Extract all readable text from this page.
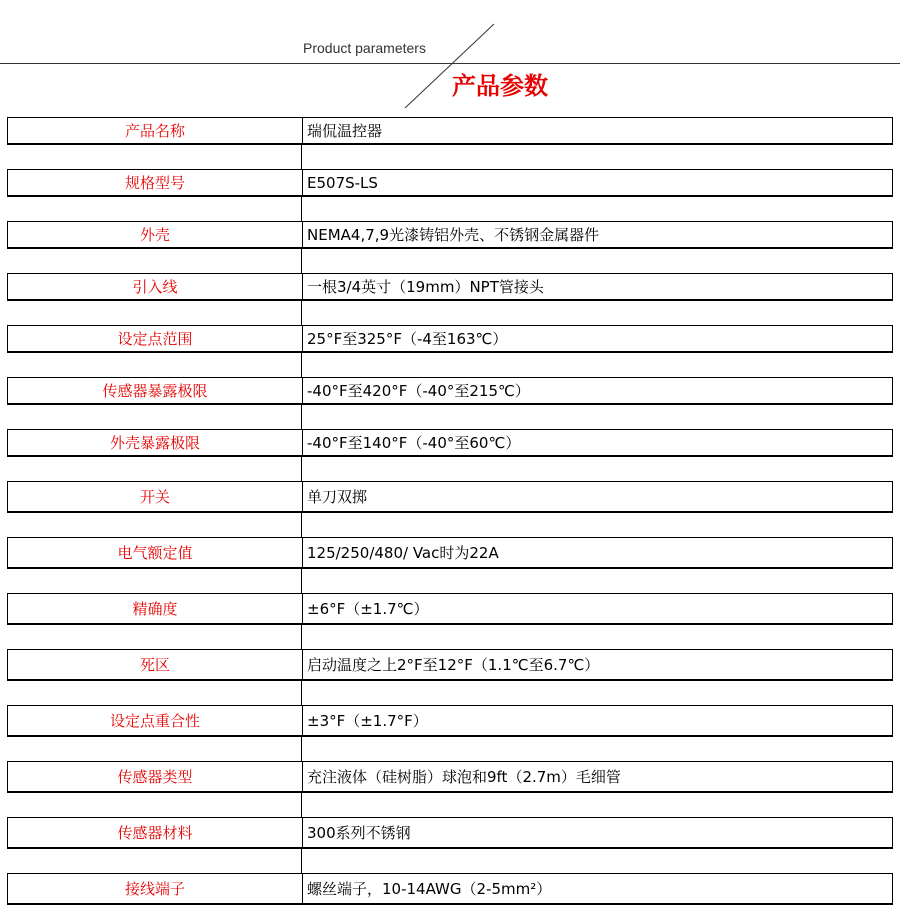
Product parameters
产品参数
产品名称	瑞侃温控器
规格型号	E507S-LS
外壳	NEMA4,7,9光漆铸铝外壳、不锈钢金属器件
引入线	一根3/4英寸（19mm）NPT管接头
设定点范围	25°F至325°F（-4至163℃）
传感器暴露极限	-40°F至420°F（-40°至215℃）
外壳暴露极限	-40°F至140°F（-40°至60℃）
开关	单刀双掷
电气额定值	125/250/480/ Vac时为22A
精确度	±6°F（±1.7℃）
死区	启动温度之上2°F至12°F（1.1℃至6.7℃）
设定点重合性	±3°F（±1.7°F）
传感器类型	充注液体（硅树脂）球泡和9ft（2.7m）毛细管
传感器材料	300系列不锈钢
接线端子	螺丝端子，10-14AWG（2-5mm²）
